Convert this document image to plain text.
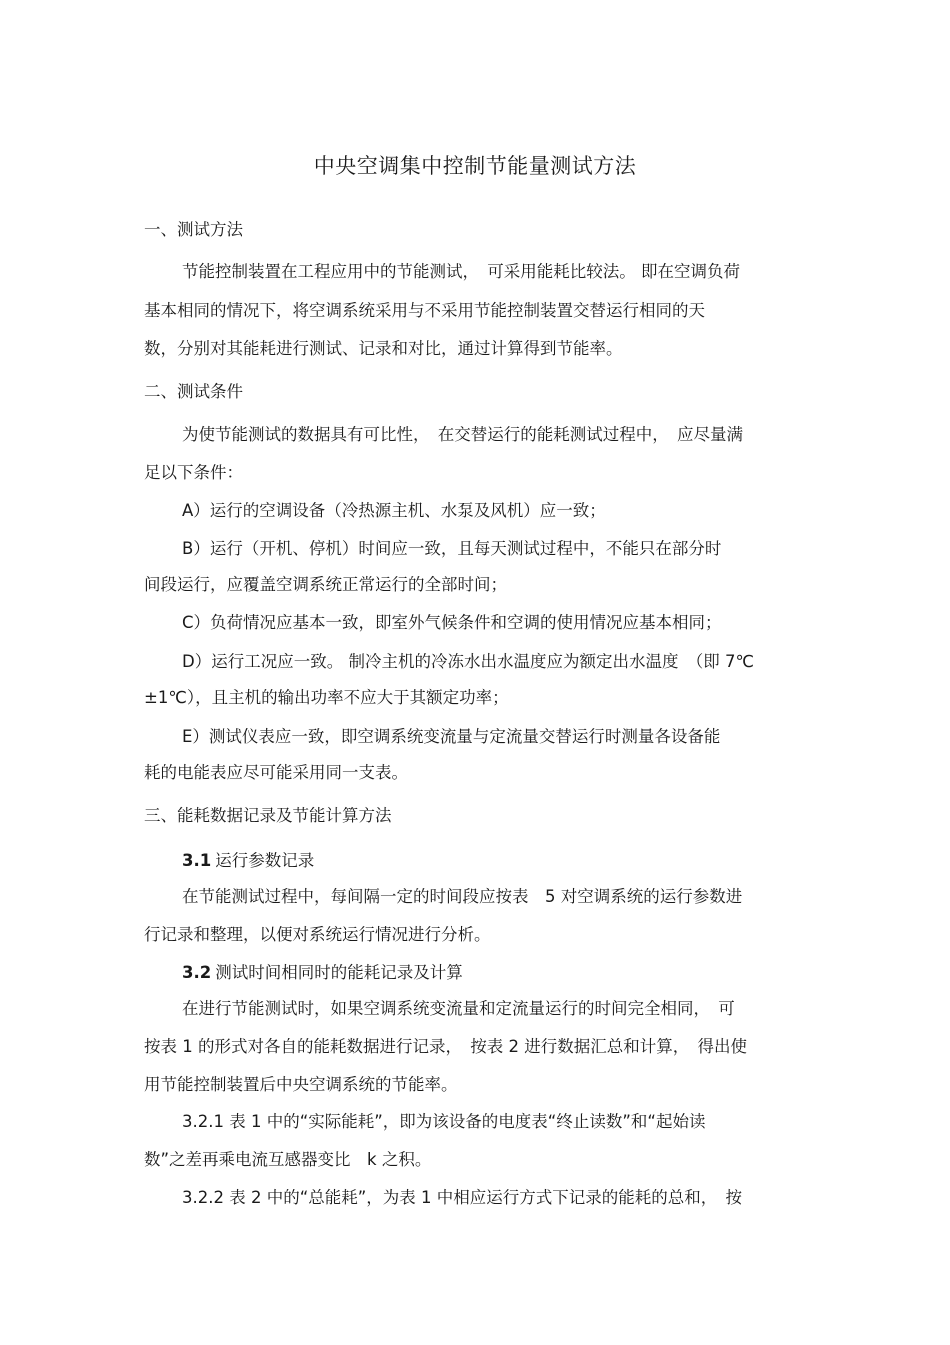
中央空调集中控制节能量测试方法

一、测试方法

节能控制装置在工程应用中的节能测试，　可采用能耗比较法。 即在空调负荷

基本相同的情况下，将空调系统采用与不采用节能控制装置交替运行相同的天

数，分别对其能耗进行测试、记录和对比，通过计算得到节能率。

二、测试条件

为使节能测试的数据具有可比性，　在交替运行的能耗测试过程中，　应尽量满

足以下条件：

A）运行的空调设备（冷热源主机、水泵及风机）应一致；

B）运行（开机、停机）时间应一致，且每天测试过程中，不能只在部分时

间段运行，应覆盖空调系统正常运行的全部时间；

C）负荷情况应基本一致，即室外气候条件和空调的使用情况应基本相同；

D）运行工况应一致。 制冷主机的冷冻水出水温度应为额定出水温度　（即 7℃

±1℃），且主机的输出功率不应大于其额定功率；

E）测试仪表应一致，即空调系统变流量与定流量交替运行时测量各设备能

耗的电能表应尽可能采用同一支表。

三、能耗数据记录及节能计算方法

3.1 运行参数记录

在节能测试过程中，每间隔一定的时间段应按表　5 对空调系统的运行参数进

行记录和整理，以便对系统运行情况进行分析。

3.2 测试时间相同时的能耗记录及计算

在进行节能测试时，如果空调系统变流量和定流量运行的时间完全相同，　可

按表 1 的形式对各自的能耗数据进行记录，　按表 2 进行数据汇总和计算，　得出使

用节能控制装置后中央空调系统的节能率。

3.2.1 表 1 中的“实际能耗”，即为该设备的电度表“终止读数”和“起始读

数”之差再乘电流互感器变比　k 之积。

3.2.2 表 2 中的“总能耗”，为表 1 中相应运行方式下记录的能耗的总和，　按
